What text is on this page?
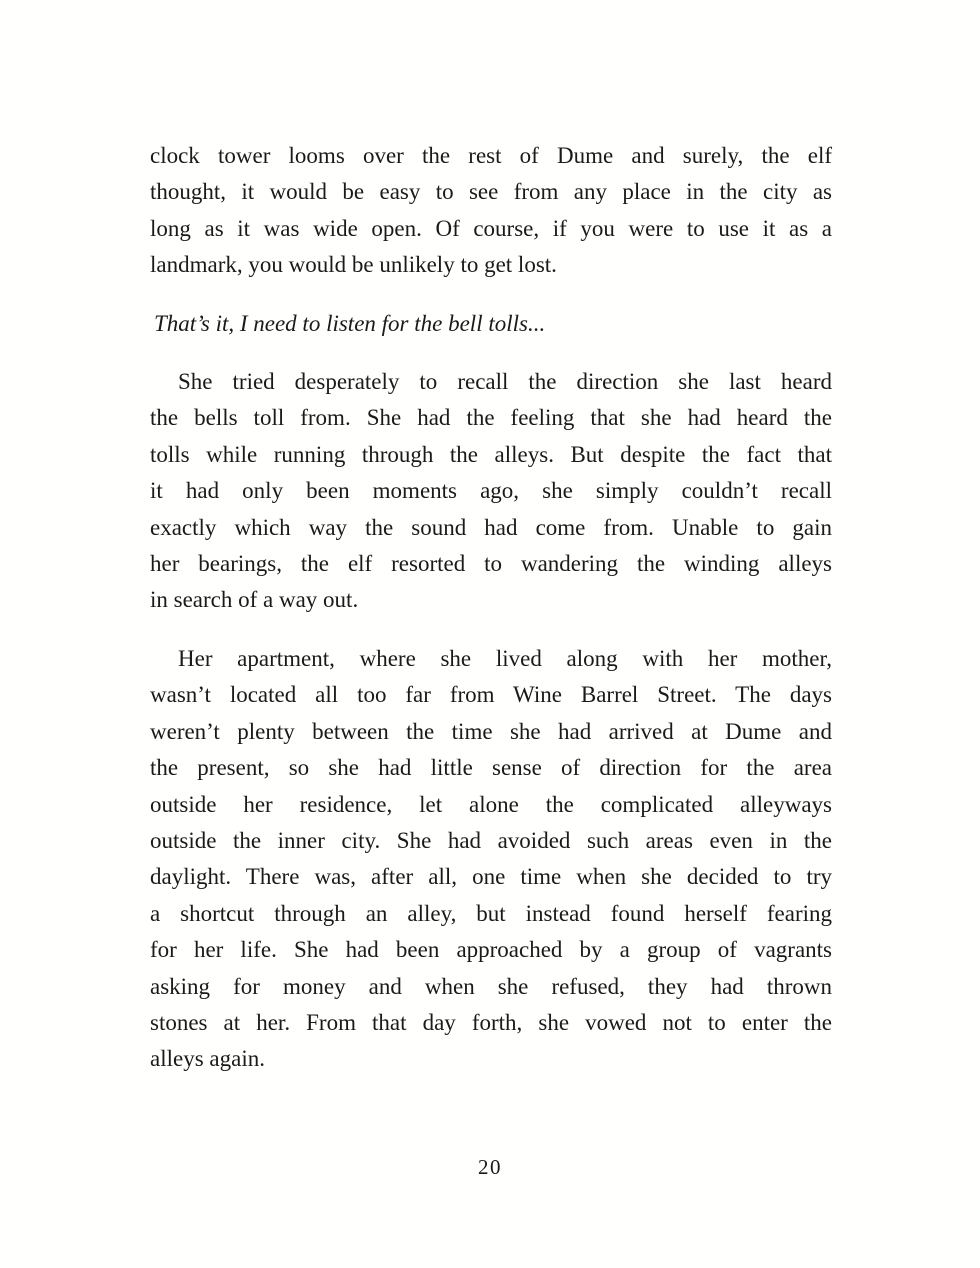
clock tower looms over the rest of Dume and surely, the elf
thought, it would be easy to see from any place in the city as
long as it was wide open. Of course, if you were to use it as a
landmark, you would be unlikely to get lost.
That’s it, I need to listen for the bell tolls...
She tried desperately to recall the direction she last heard
the bells toll from. She had the feeling that she had heard the
tolls while running through the alleys. But despite the fact that
it had only been moments ago, she simply couldn’t recall
exactly which way the sound had come from. Unable to gain
her bearings, the elf resorted to wandering the winding alleys
in search of a way out.
Her apartment, where she lived along with her mother,
wasn’t located all too far from Wine Barrel Street. The days
weren’t plenty between the time she had arrived at Dume and
the present, so she had little sense of direction for the area
outside her residence, let alone the complicated alleyways
outside the inner city. She had avoided such areas even in the
daylight. There was, after all, one time when she decided to try
a shortcut through an alley, but instead found herself fearing
for her life. She had been approached by a group of vagrants
asking for money and when she refused, they had thrown
stones at her. From that day forth, she vowed not to enter the
alleys again.
20
